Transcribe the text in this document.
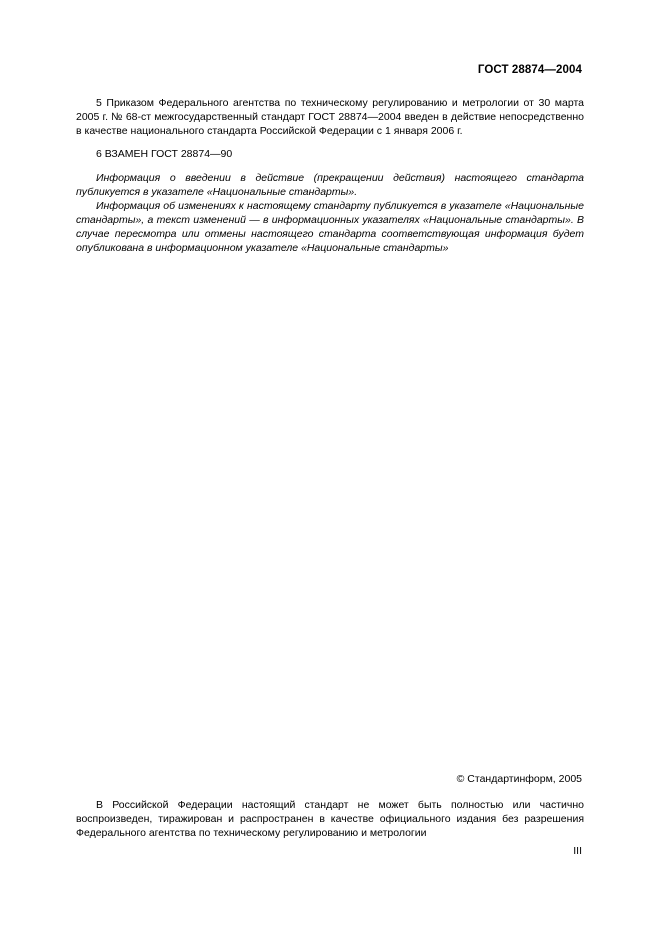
ГОСТ 28874—2004

5 Приказом Федерального агентства по техническому регулированию и метрологии от 30 марта 2005 г. № 68-ст межгосударственный стандарт ГОСТ 28874—2004 введен в действие непосредственно в качестве национального стандарта Российской Федерации с 1 января 2006 г.

6 ВЗАМЕН ГОСТ 28874—90

Информация о введении в действие (прекращении действия) настоящего стандарта публикуется в указателе «Национальные стандарты».

Информация об изменениях к настоящему стандарту публикуется в указателе «Национальные стандарты», а текст изменений — в информационных указателях «Национальные стандарты». В случае пересмотра или отмены настоящего стандарта соответствующая информация будет опубликована в информационном указателе «Национальные стандарты»

© Стандартинформ, 2005

В Российской Федерации настоящий стандарт не может быть полностью или частично воспроизведен, тиражирован и распространен в качестве официального издания без разрешения Федерального агентства по техническому регулированию и метрологии

III
